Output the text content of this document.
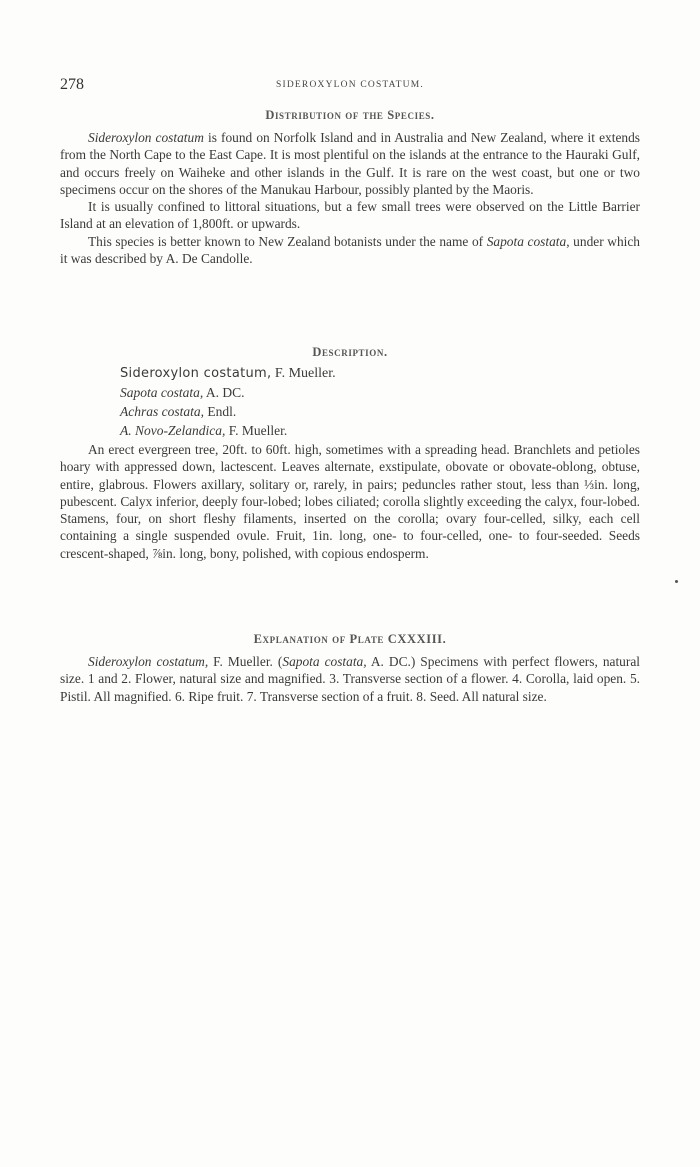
278	SIDEROXYLON COSTATUM.
Distribution of the Species.

Sideroxylon costatum is found on Norfolk Island and in Australia and New Zealand, where it extends from the North Cape to the East Cape. It is most plentiful on the islands at the entrance to the Hauraki Gulf, and occurs freely on Waiheke and other islands in the Gulf. It is rare on the west coast, but one or two specimens occur on the shores of the Manukau Harbour, possibly planted by the Maoris.

It is usually confined to littoral situations, but a few small trees were observed on the Little Barrier Island at an elevation of 1,800ft. or upwards.

This species is better known to New Zealand botanists under the name of Sapota costata, under which it was described by A. De Candolle.

Description.
Sideroxylon costatum, F. Mueller.
Sapota costata, A. DC.
Achras costata, Endl.
A. Novo-Zelandica, F. Mueller.

An erect evergreen tree, 20ft. to 60ft. high, sometimes with a spreading head. Branchlets and petioles hoary with appressed down, lactescent. Leaves alternate, exstipulate, obovate or obovate-oblong, obtuse, entire, glabrous. Flowers axillary, solitary or, rarely, in pairs; peduncles rather stout, less than ⅓in. long, pubescent. Calyx inferior, deeply four-lobed; lobes ciliated; corolla slightly exceeding the calyx, four-lobed. Stamens, four, on short fleshy filaments, inserted on the corolla; ovary four-celled, silky, each cell containing a single suspended ovule. Fruit, 1in. long, one- to four-celled, one- to four-seeded. Seeds crescent-shaped, ⅞in. long, bony, polished, with copious endosperm.

Explanation of Plate CXXXIII.

Sideroxylon costatum, F. Mueller. (Sapota costata, A. DC.) Specimens with perfect flowers, natural size. 1 and 2. Flower, natural size and magnified. 3. Transverse section of a flower. 4. Corolla, laid open. 5. Pistil. All magnified. 6. Ripe fruit. 7. Transverse section of a fruit. 8. Seed. All natural size.
